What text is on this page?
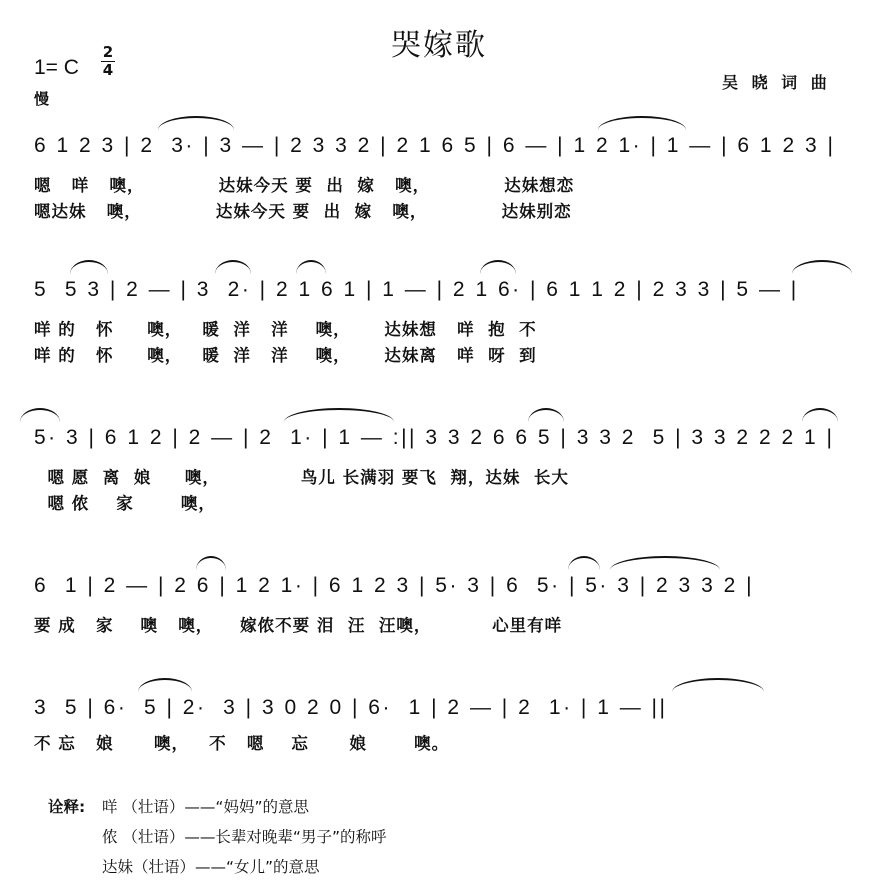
哭嫁歌
1= C
2
4
慢
吴 晓 词 曲
6 1 2 3 | 2  3· | 3 — | 2 3 3 2 | 2 1 6 5 | 6 — | 1 2 1· | 1 — | 6 1 2 3 |
嗯   咩   噢，           达妹今天 要  出  嫁   噢，           达妹想恋
嗯达妹   噢，           达妹今天 要  出  嫁   噢，           达妹别恋
5  5 3 | 2 — | 3  2· | 2 1 6 1 | 1 — | 2 1 6· | 6 1 1 2 | 2 3 3 | 5 — |
咩 的   怀     噢，   暖  洋   洋    噢，     达妹想   咩  抱  不
咩 的   怀     噢，   暖  洋   洋    噢，     达妹离   咩  呀  到
5· 3 | 6 1 2 | 2 — | 2  1· | 1 — :|| 3 3 2 6 6 5 | 3 3 2  5 | 3 3 2 2 2 1 |
嗯 愿  离  娘     噢，            鸟儿 长满羽 要飞  翔，达妹  长大
嗯 侬    家       噢，
6  1 | 2 — | 2 6 | 1 2 1· | 6 1 2 3 | 5· 3 | 6  5· | 5· 3 | 2 3 3 2 |
要 成   家    噢   噢，    嫁侬不要 泪  汪  汪噢，         心里有咩
3  5 | 6·  5 | 2·  3 | 3 0 2 0 | 6·  1 | 2 — | 2  1· | 1 — ||
不 忘   娘      噢，   不   嗯    忘      娘       噢。
诠释: 咩 （壮语）——“妈妈”的意思
侬 （壮语）——长辈对晚辈“男子”的称呼
达妹（壮语）——“女儿”的意思
